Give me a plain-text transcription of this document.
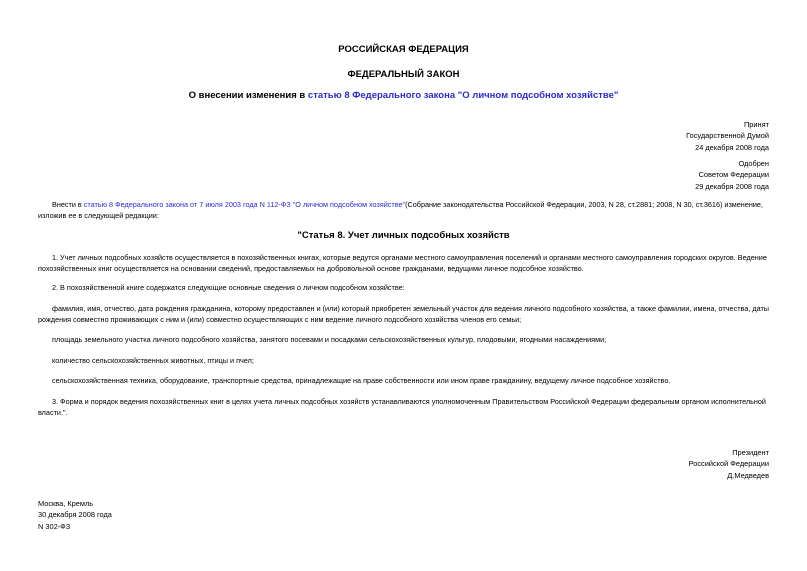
РОССИЙСКАЯ ФЕДЕРАЦИЯ
ФЕДЕРАЛЬНЫЙ ЗАКОН
О внесении изменения в статью 8 Федерального закона "О личном подсобном хозяйстве"
Принят
Государственной Думой
24 декабря 2008 года
Одобрен
Советом Федерации
29 декабря 2008 года
Внести в статью 8 Федерального закона от 7 июля 2003 года N 112-ФЗ "О личном подсобном хозяйстве"(Собрание законодательства Российской Федерации, 2003, N 28, ст.2881; 2008, N 30, ст.3616) изменение,
изложив ее в следующей редакции:
"Статья 8. Учет личных подсобных хозяйств
1. Учет личных подсобных хозяйств осуществляется в похозяйственных книгах, которые ведутся органами местного самоуправления поселений и органами местного самоуправления городских округов. Ведение
похозяйственных книг осуществляется на основании сведений, предоставляемых на добровольной основе гражданами, ведущими личное подсобное хозяйство.
2. В похозяйственной книге содержатся следующие основные сведения о личном подсобном хозяйстве:
фамилия, имя, отчество, дата рождения гражданина, которому предоставлен и (или) который приобретен земельный участок для ведения личного подсобного хозяйства, а также фамилии, имена, отчества, даты
рождения совместно проживающих с ним и (или) совместно осуществляющих с ним ведение личного подсобного хозяйства членов его семьи;
площадь земельного участка личного подсобного хозяйства, занятого посевами и посадками сельскохозяйственных культур, плодовыми, ягодными насаждениями;
количество сельскохозяйственных животных, птицы и пчел;
сельскохозяйственная техника, оборудование, транспортные средства, принадлежащие на праве собственности или ином праве гражданину, ведущему личное подсобное хозяйство.
3. Форма и порядок ведения похозяйственных книг в целях учета личных подсобных хозяйств устанавливаются уполномоченным Правительством Российской Федерации федеральным органом исполнительной
власти.".
Президент
Российской Федерации
Д.Медведев
Москва, Кремль
30 декабря 2008 года
N 302-ФЗ
